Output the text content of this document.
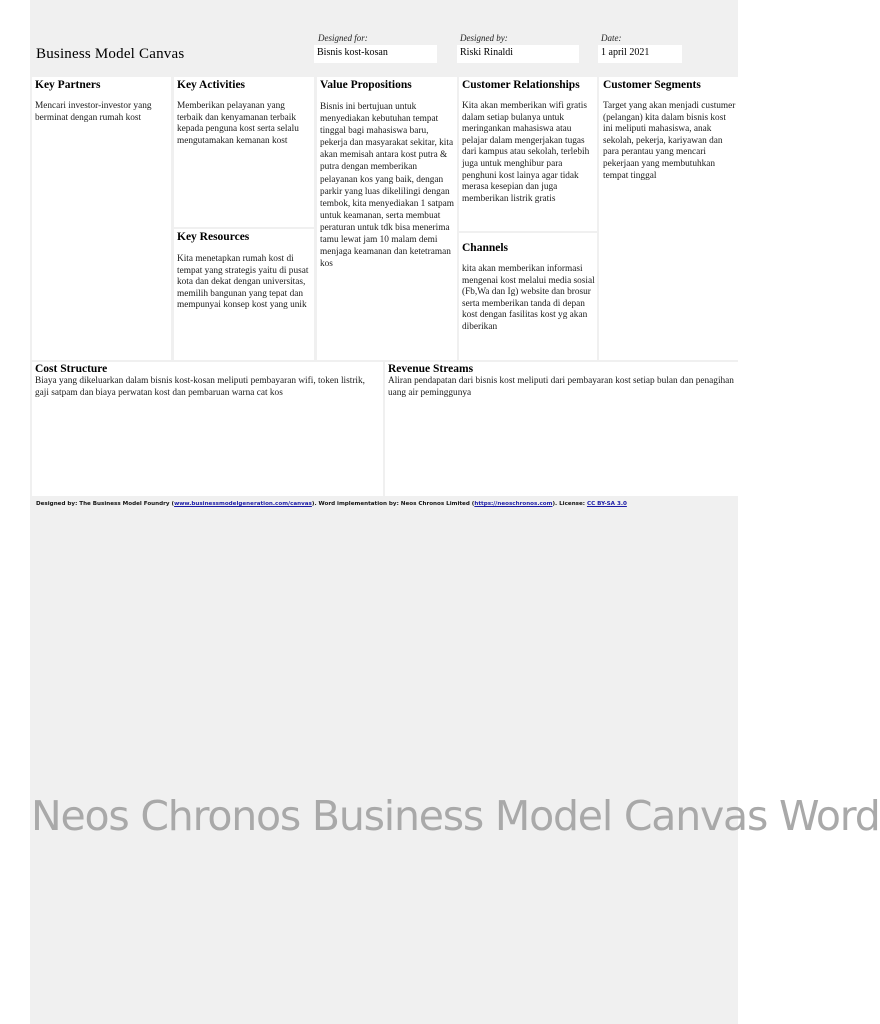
Business Model Canvas
Designed for:
Bisnis kost-kosan
Designed by:
Riski Rinaldi
Date:
1 april 2021
Key Partners
Mencari investor-investor yang berminat dengan rumah kost
Key Activities
Memberikan pelayanan yang terbaik dan kenyamanan terbaik kepada penguna kost serta selalu mengutamakan kemanan kost
Key Resources
Kita menetapkan rumah kost di tempat yang strategis yaitu di pusat kota dan dekat dengan universitas, memilih bangunan yang tepat dan mempunyai konsep kost yang unik
Value Propositions
Bisnis ini bertujuan untuk menyediakan kebutuhan tempat tinggal bagi mahasiswa baru, pekerja dan masyarakat sekitar, kita akan memisah antara kost putra & putra dengan memberikan pelayanan kos yang baik, dengan parkir yang luas dikelilingi dengan tembok, kita menyediakan 1 satpam untuk keamanan, serta membuat peraturan untuk tdk bisa menerima tamu lewat jam 10 malam demi menjaga keamanan dan ketetraman kos
Customer Relationships
Kita akan memberikan wifi gratis dalam setiap bulanya untuk meringankan mahasiswa atau pelajar dalam mengerjakan tugas dari kampus atau sekolah, terlebih juga untuk menghibur para penghuni kost lainya agar tidak merasa kesepian dan juga memberikan listrik gratis
Channels
kita akan memberikan informasi mengenai kost melalui media sosial (Fb,Wa dan Ig) website dan brosur serta memberikan tanda di depan kost dengan fasilitas kost yg akan diberikan
Customer Segments
Target yang akan menjadi custumer (pelangan) kita dalam bisnis kost ini meliputi mahasiswa, anak sekolah, pekerja, kariyawan dan para perantau yang mencari pekerjaan yang membutuhkan tempat tinggal
Cost Structure
Biaya yang dikeluarkan dalam bisnis kost-kosan meliputi pembayaran wifi, token listrik, gaji satpam dan biaya perwatan kost dan pembaruan warna cat kos
Revenue Streams
Aliran pendapatan dari bisnis kost meliputi dari pembayaran kost setiap bulan dan penagihan uang air peminggunya
Designed by: The Business Model Foundry (www.businessmodelgeneration.com/canvas). Word implementation by: Neos Chronos Limited (https://neoschronos.com). License: CC BY-SA 3.0
Neos Chronos Business Model Canvas Word
